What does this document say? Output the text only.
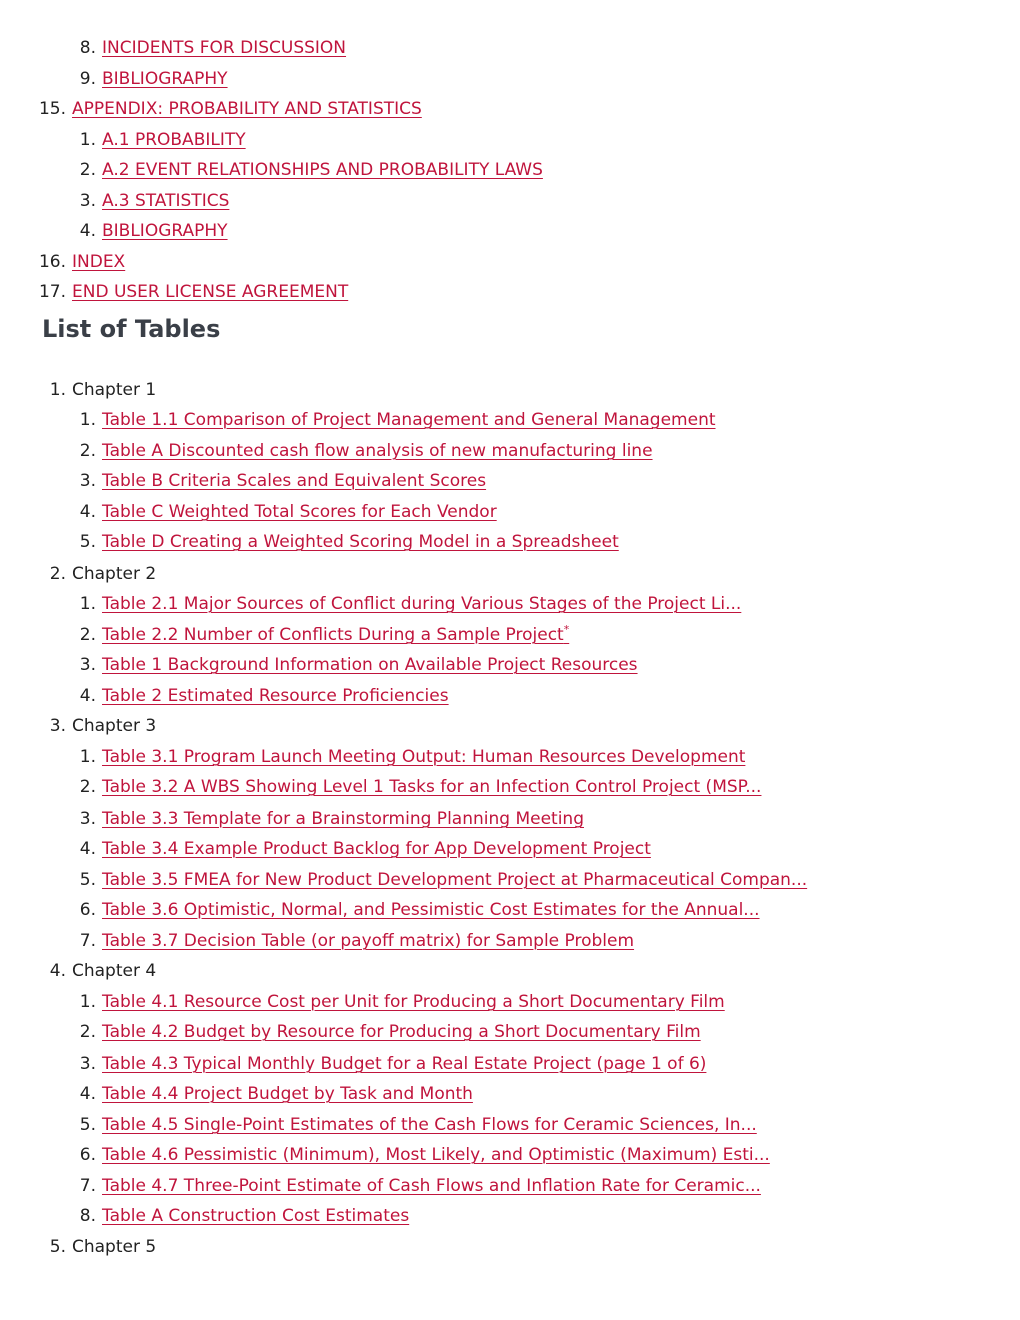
8. INCIDENTS FOR DISCUSSION
9. BIBLIOGRAPHY
15. APPENDIX: PROBABILITY AND STATISTICS
1. A.1 PROBABILITY
2. A.2 EVENT RELATIONSHIPS AND PROBABILITY LAWS
3. A.3 STATISTICS
4. BIBLIOGRAPHY
16. INDEX
17. END USER LICENSE AGREEMENT
List of Tables
1. Chapter 1
1. Table 1.1 Comparison of Project Management and General Management
2. Table A Discounted cash flow analysis of new manufacturing line
3. Table B Criteria Scales and Equivalent Scores
4. Table C Weighted Total Scores for Each Vendor
5. Table D Creating a Weighted Scoring Model in a Spreadsheet
2. Chapter 2
1. Table 2.1 Major Sources of Conflict during Various Stages of the Project Li...
2. Table 2.2 Number of Conflicts During a Sample Project*
3. Table 1 Background Information on Available Project Resources
4. Table 2 Estimated Resource Proficiencies
3. Chapter 3
1. Table 3.1 Program Launch Meeting Output: Human Resources Development
2. Table 3.2 A WBS Showing Level 1 Tasks for an Infection Control Project (MSP...
3. Table 3.3 Template for a Brainstorming Planning Meeting
4. Table 3.4 Example Product Backlog for App Development Project
5. Table 3.5 FMEA for New Product Development Project at Pharmaceutical Compan...
6. Table 3.6 Optimistic, Normal, and Pessimistic Cost Estimates for the Annual...
7. Table 3.7 Decision Table (or payoff matrix) for Sample Problem
4. Chapter 4
1. Table 4.1 Resource Cost per Unit for Producing a Short Documentary Film
2. Table 4.2 Budget by Resource for Producing a Short Documentary Film
3. Table 4.3 Typical Monthly Budget for a Real Estate Project (page 1 of 6)
4. Table 4.4 Project Budget by Task and Month
5. Table 4.5 Single-Point Estimates of the Cash Flows for Ceramic Sciences, In...
6. Table 4.6 Pessimistic (Minimum), Most Likely, and Optimistic (Maximum) Esti...
7. Table 4.7 Three-Point Estimate of Cash Flows and Inflation Rate for Ceramic...
8. Table A Construction Cost Estimates
5. Chapter 5
